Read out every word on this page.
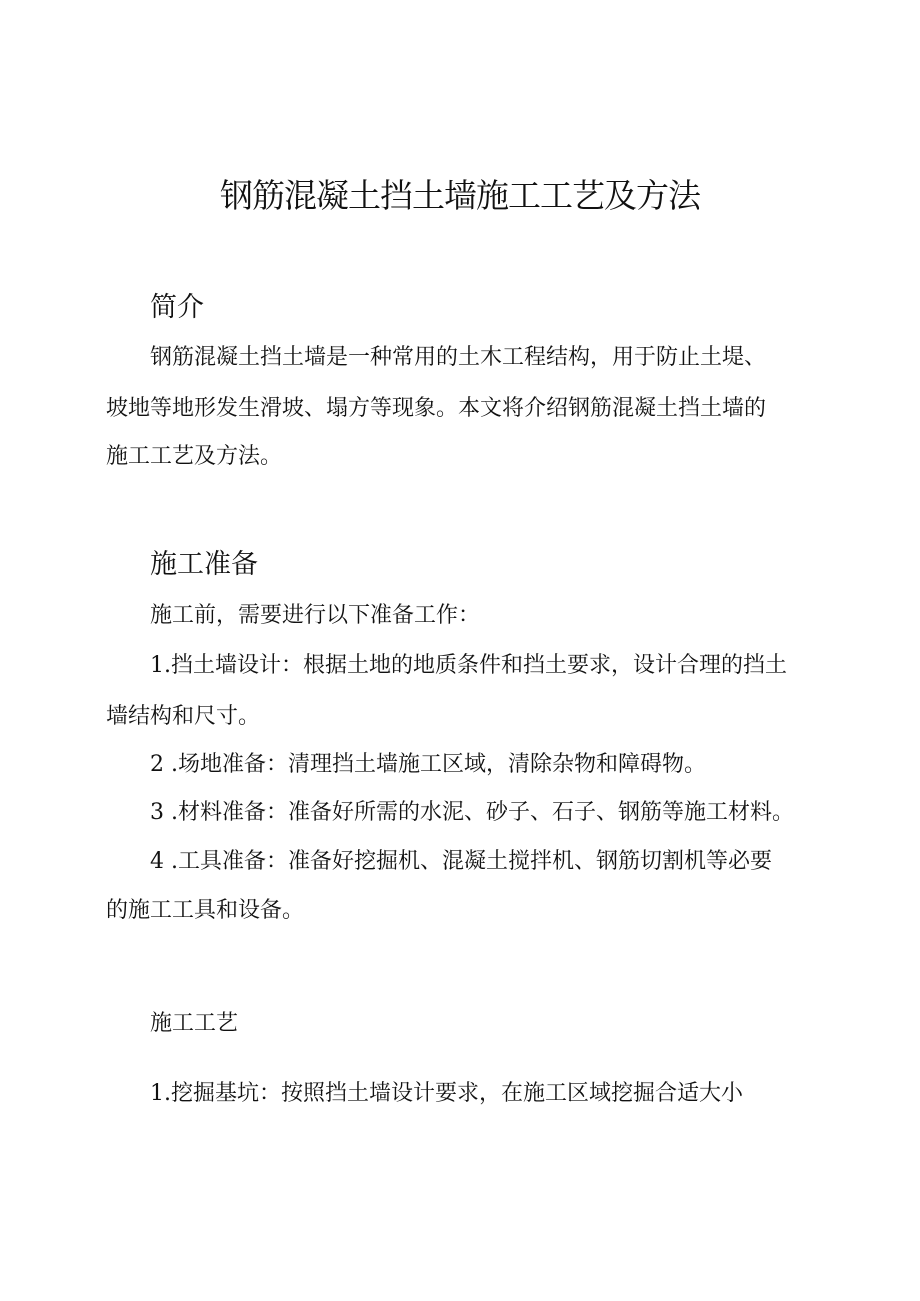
钢筋混凝土挡土墙施工工艺及方法
简介

钢筋混凝土挡土墙是一种常用的土木工程结构，用于防止土堤、

坡地等地形发生滑坡、塌方等现象。本文将介绍钢筋混凝土挡土墙的

施工工艺及方法。

施工准备

施工前，需要进行以下准备工作：

1.挡土墙设计：根据土地的地质条件和挡土要求，设计合理的挡土

墙结构和尺寸。

2 .场地准备：清理挡土墙施工区域，清除杂物和障碍物。

3 .材料准备：准备好所需的水泥、砂子、石子、钢筋等施工材料。

4 .工具准备：准备好挖掘机、混凝土搅拌机、钢筋切割机等必要

的施工工具和设备。

施工工艺

1.挖掘基坑：按照挡土墙设计要求，在施工区域挖掘合适大小
